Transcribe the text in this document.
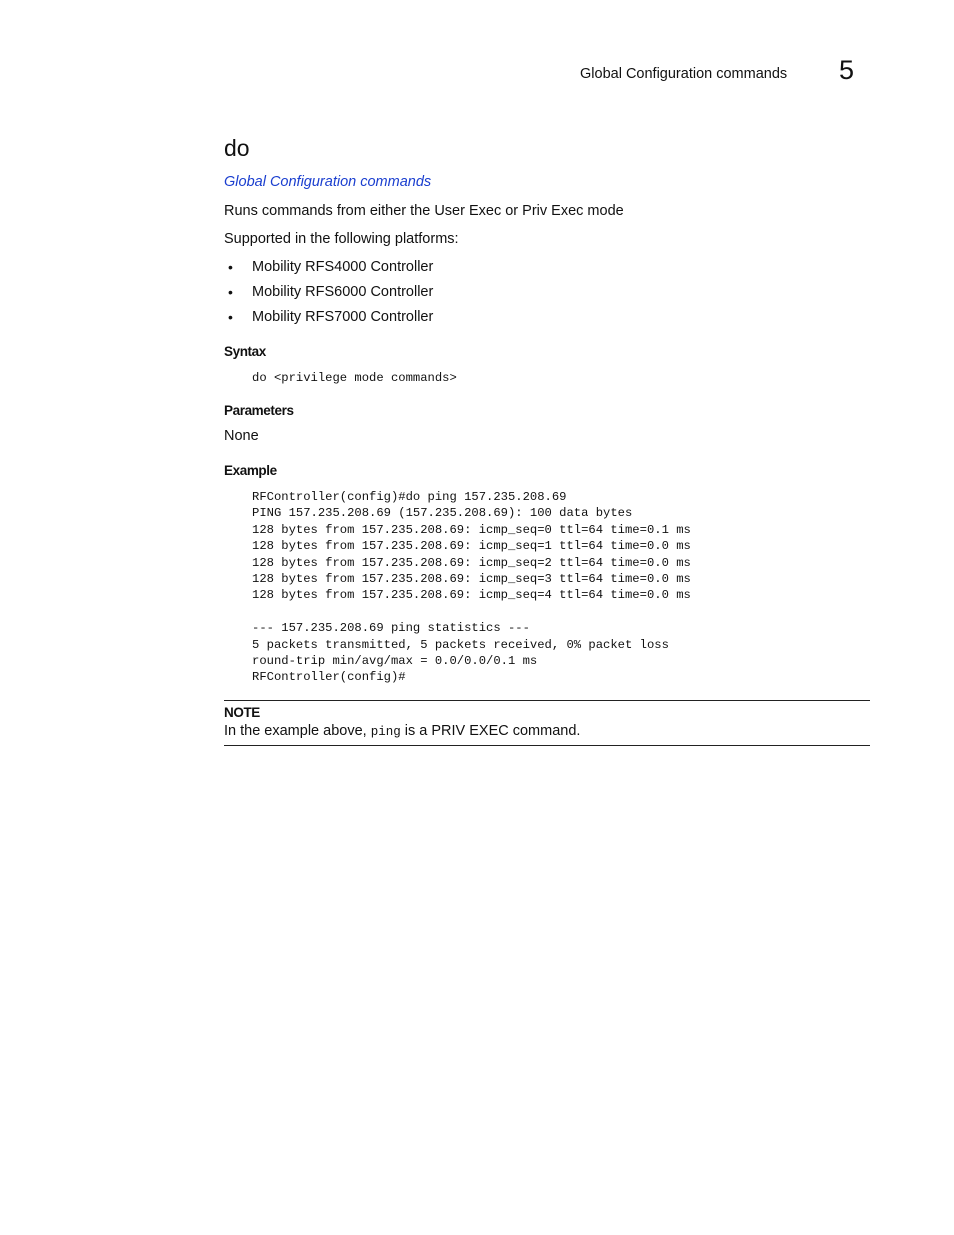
Global Configuration commands 5
do
Global Configuration commands
Runs commands from either the User Exec or Priv Exec mode
Supported in the following platforms:
• Mobility RFS4000 Controller
• Mobility RFS6000 Controller
• Mobility RFS7000 Controller
Syntax
do <privilege mode commands>
Parameters
None
Example
RFController(config)#do ping 157.235.208.69
PING 157.235.208.69 (157.235.208.69): 100 data bytes
128 bytes from 157.235.208.69: icmp_seq=0 ttl=64 time=0.1 ms
128 bytes from 157.235.208.69: icmp_seq=1 ttl=64 time=0.0 ms
128 bytes from 157.235.208.69: icmp_seq=2 ttl=64 time=0.0 ms
128 bytes from 157.235.208.69: icmp_seq=3 ttl=64 time=0.0 ms
128 bytes from 157.235.208.69: icmp_seq=4 ttl=64 time=0.0 ms

--- 157.235.208.69 ping statistics ---
5 packets transmitted, 5 packets received, 0% packet loss
round-trip min/avg/max = 0.0/0.0/0.1 ms
RFController(config)#
NOTE
In the example above, ping is a PRIV EXEC command.
